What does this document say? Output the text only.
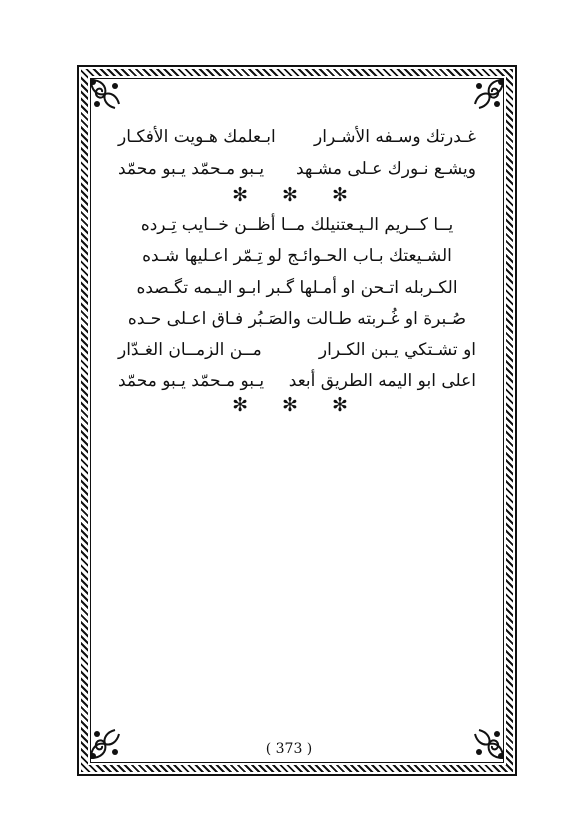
غـدرتك وسـفه الأشـرار
ابـعلمك هـويت الأفكـار
ويشـع نـورك عـلى مشـهد
يـبو مـحمّد يـبو محمّد
✻ ✻ ✻
يــا كــريم الـيـعتنيلك مــا أظــن خــايب تِـرده
الشـيعتك بـاب الحـوائـج لو تِـمّر اعـليها شـده
الكـربله اتـحن او أمـلها گـبر ابـو اليـمه تگـصده
صُـبرة او غُـربته طـالت والصَـبُر فـاق اعـلى حـده
او تشـتكي يـبن الكـرار
مــن الزمــان الغـدّار
اعلى ابو اليمه الطريق أبعد
يـبو مـحمّد يـبو محمّد
✻ ✻ ✻
( 373 )
